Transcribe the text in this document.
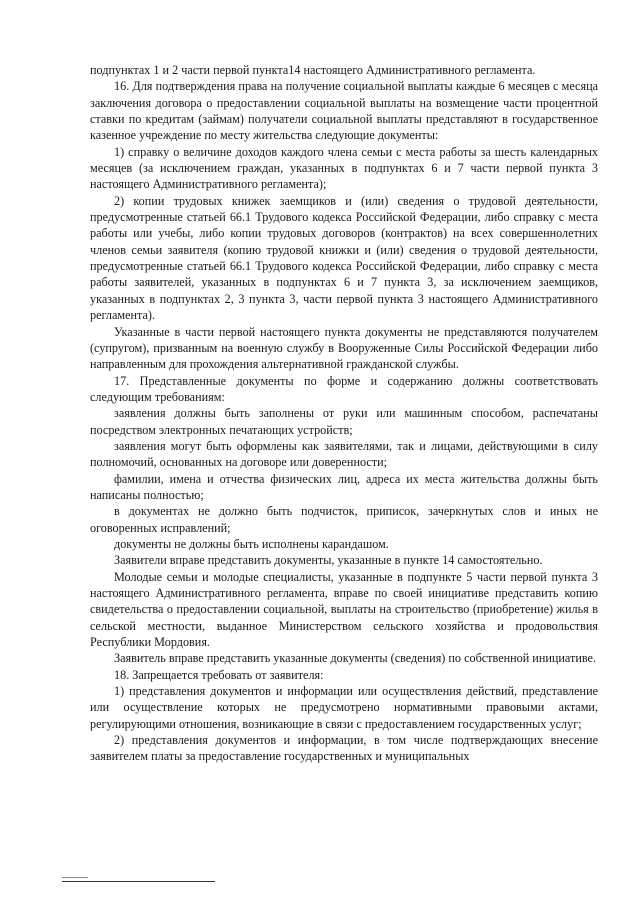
подпунктах 1 и 2 части первой пункта14 настоящего Административного регламента.

16. Для подтверждения права на получение социальной выплаты каждые 6 месяцев с месяца заключения договора о предоставлении социальной выплаты на возмещение части процентной ставки по кредитам (займам) получатели социальной выплаты представляют в государственное казенное учреждение по месту жительства следующие документы:

1) справку о величине доходов каждого члена семьи с места работы за шесть календарных месяцев (за исключением граждан, указанных в подпунктах 6 и 7 части первой пункта 3 настоящего Административного регламента);

2) копии трудовых книжек заемщиков и (или) сведения о трудовой деятельности, предусмотренные статьей 66.1 Трудового кодекса Российской Федерации, либо справку с места работы или учебы, либо копии трудовых договоров (контрактов) на всех совершеннолетних членов семьи заявителя (копию трудовой книжки и (или) сведения о трудовой деятельности, предусмотренные статьей 66.1 Трудового кодекса Российской Федерации, либо справку с места работы заявителей, указанных в подпунктах 6 и 7 пункта 3, за исключением заемщиков, указанных в подпунктах 2, 3 пункта 3, части первой пункта 3 настоящего Административного регламента).

Указанные в части первой настоящего пункта документы не представляются получателем (супругом), призванным на военную службу в Вооруженные Силы Российской Федерации либо направленным для прохождения альтернативной гражданской службы.

17. Представленные документы по форме и содержанию должны соответствовать следующим требованиям:

заявления должны быть заполнены от руки или машинным способом, распечатаны посредством электронных печатающих устройств;

заявления могут быть оформлены как заявителями, так и лицами, действующими в силу полномочий, основанных на договоре или доверенности;

фамилии, имена и отчества физических лиц, адреса их места жительства должны быть написаны полностью;

в документах не должно быть подчисток, приписок, зачеркнутых слов и иных не оговоренных исправлений;

документы не должны быть исполнены карандашом.

Заявители вправе представить документы, указанные в пункте 14 самостоятельно.

Молодые семьи и молодые специалисты, указанные в подпункте 5 части первой пункта 3 настоящего Административного регламента, вправе по своей инициативе представить копию свидетельства о предоставлении социальной, выплаты на строительство (приобретение) жилья в сельской местности, выданное Министерством сельского хозяйства и продовольствия Республики Мордовия.

Заявитель вправе представить указанные документы (сведения) по собственной инициативе.

18. Запрещается требовать от заявителя:

1) представления документов и информации или осуществления действий, представление или осуществление которых не предусмотрено нормативными правовыми актами, регулирующими отношения, возникающие в связи с предоставлением государственных услуг;

2) представления документов и информации, в том числе подтверждающих внесение заявителем платы за предоставление государственных и муниципальных
